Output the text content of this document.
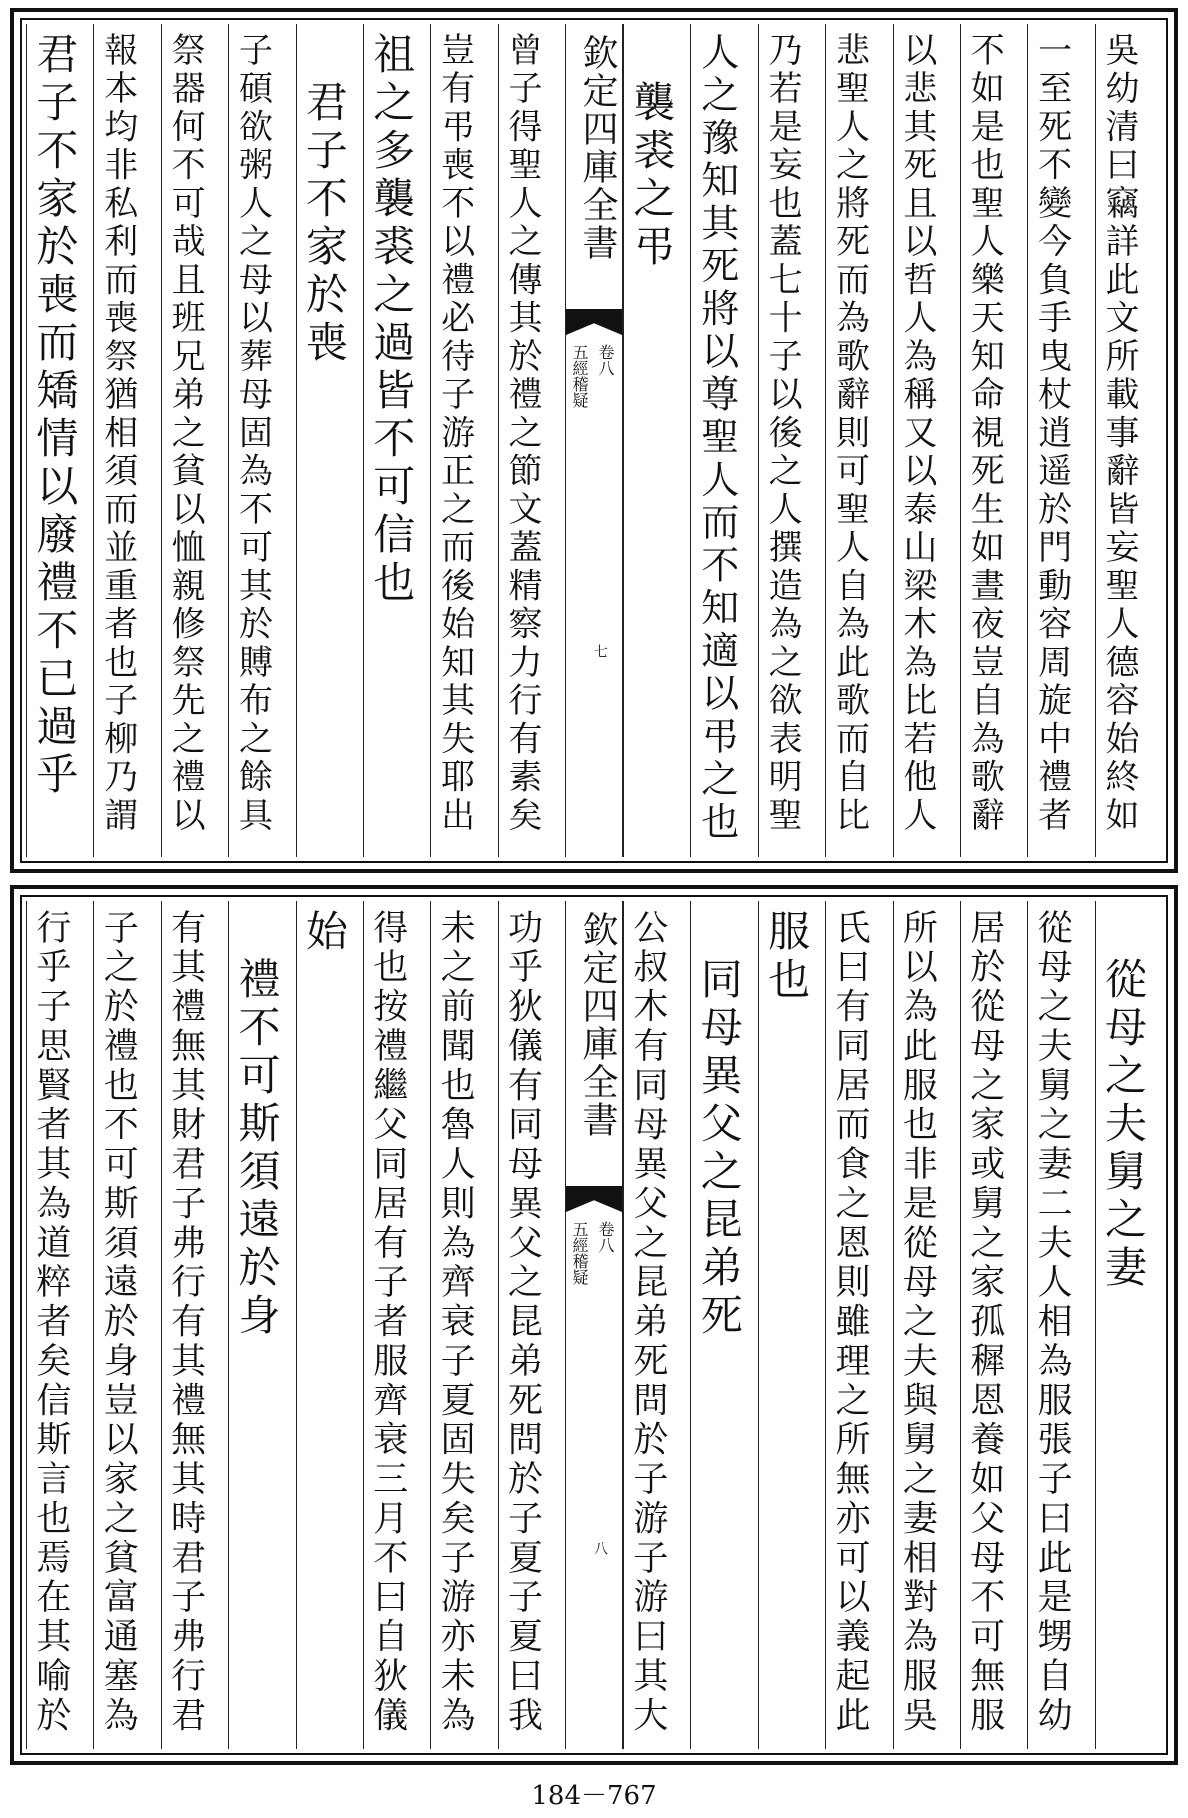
吳幼清曰竊詳此文所載事辭皆妄聖人德容始終如
一至死不變今負手曳杖逍遥於門動容周旋中禮者
不如是也聖人樂天知命視死生如晝夜豈自為歌辭
以悲其死且以哲人為稱又以泰山梁木為比若他人
悲聖人之將死而為歌辭則可聖人自為此歌而自比
乃若是妄也蓋七十子以後之人撰造為之欲表明聖
人之豫知其死將以尊聖人而不知適以弔之也
　襲裘之弔
欽定四庫全書
五經稽疑 卷八
七
曾子得聖人之傳其於禮之節文蓋精察力行有素矣
豈有弔喪不以禮必待子游正之而後始知其失耶出
祖之多襲裘之過皆不可信也
　君子不家於喪
子碩欲粥人之母以葬母固為不可其於賻布之餘具
祭器何不可哉且班兄弟之貧以恤親修祭先之禮以
報本均非私利而喪祭猶相須而並重者也子柳乃謂
君子不家於喪而矯情以廢禮不已過乎
　從母之夫舅之妻
從母之夫舅之妻二夫人相為服張子曰此是甥自幼
居於從母之家或舅之家孤穉恩養如父母不可無服
所以為此服也非是從母之夫與舅之妻相對為服吳
氏曰有同居而食之恩則雖理之所無亦可以義起此
服也
　同母異父之昆弟死
公叔木有同母異父之昆弟死問於子游子游曰其大
欽定四庫全書
五經稽疑 卷八
八
功乎狄儀有同母異父之昆弟死問於子夏子夏曰我
未之前聞也魯人則為齊衰子夏固失矣子游亦未為
得也按禮繼父同居有子者服齊衰三月不曰自狄儀
始
　禮不可斯須遠於身
有其禮無其財君子弗行有其禮無其時君子弗行君
子之於禮也不可斯須遠於身豈以家之貧富通塞為
行乎子思賢者其為道粹者矣信斯言也焉在其喻於
184－767
